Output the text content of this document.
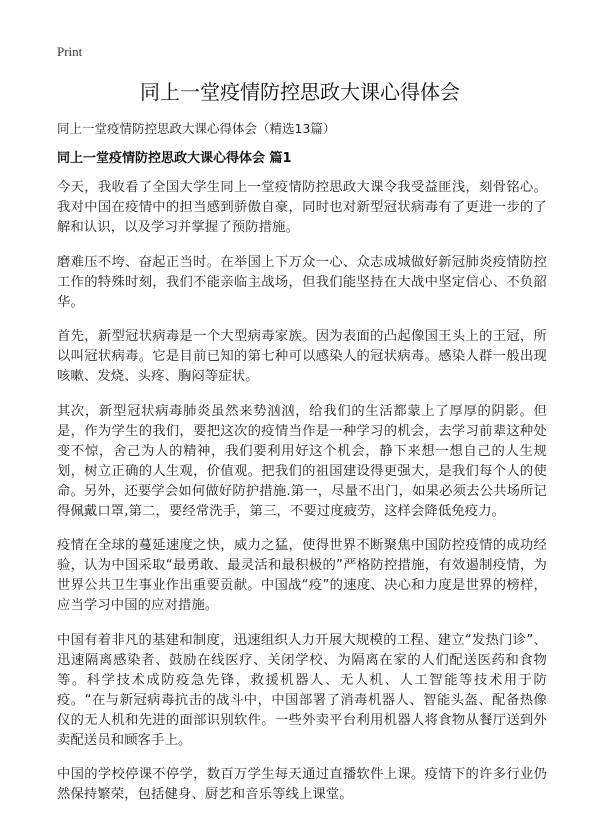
Print
同上一堂疫情防控思政大课心得体会

同上一堂疫情防控思政大课心得体会（精选13篇）

同上一堂疫情防控思政大课心得体会 篇1

今天，我收看了全国大学生同上一堂疫情防控思政大课令我受益匪浅，刻骨铭心。我对中国在疫情中的担当感到骄傲自豪，同时也对新型冠状病毒有了更进一步的了解和认识，以及学习并掌握了预防措施。

磨难压不垮、奋起正当时。在举国上下万众一心、众志成城做好新冠肺炎疫情防控工作的特殊时刻，我们不能亲临主战场，但我们能坚持在大战中坚定信心、不负韶华。

首先，新型冠状病毒是一个大型病毒家族。因为表面的凸起像国王头上的王冠，所以叫冠状病毒。它是目前已知的第七种可以感染人的冠状病毒。感染人群一般出现咳嗽、发烧、头疼、胸闷等症状。

其次，新型冠状病毒肺炎虽然来势汹汹，给我们的生活都蒙上了厚厚的阴影。但是，作为学生的我们，要把这次的疫情当作是一种学习的机会，去学习前辈这种处变不惊，舍己为人的精神，我们要利用好这个机会，静下来想一想自己的人生规划，树立正确的人生观，价值观。把我们的祖国建设得更强大，是我们每个人的使命。另外，还要学会如何做好防护措施.第一，尽量不出门，如果必须去公共场所记得佩戴口罩,第二，要经常洗手，第三，不要过度疲劳，这样会降低免疫力。

疫情在全球的蔓延速度之快，威力之猛，使得世界不断聚焦中国防控疫情的成功经验，认为中国采取“最勇敢、最灵活和最积极的”严格防控措施，有效遏制疫情，为世界公共卫生事业作出重要贡献。中国战“疫”的速度、决心和力度是世界的榜样，应当学习中国的应对措施。

中国有着非凡的基建和制度，迅速组织人力开展大规模的工程、建立“发热门诊”、迅速隔离感染者、鼓励在线医疗、关闭学校、为隔离在家的人们配送医药和食物等。科学技术成防疫急先锋，救援机器人、无人机、人工智能等技术用于防疫。“在与新冠病毒抗击的战斗中，中国部署了消毒机器人、智能头盔、配备热像仪的无人机和先进的面部识别软件。一些外卖平台利用机器人将食物从餐厅送到外卖配送员和顾客手上。

中国的学校停课不停学，数百万学生每天通过直播软件上课。疫情下的许多行业仍然保持繁荣，包括健身、厨艺和音乐等线上课堂。
